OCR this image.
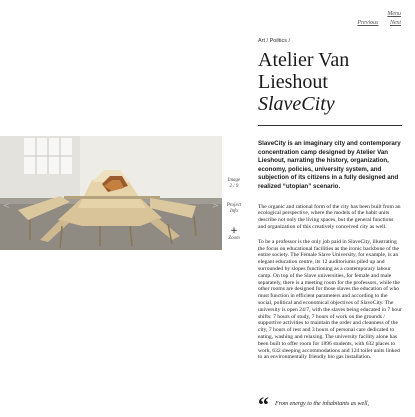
Menu
Previous Next
<	>
Image
2 / 9
Project Info
+
Zoom
Art / Politics /
Atelier Van Lieshout
SlaveCity
SlaveCity is an imaginary city and contemporary concentration camp designed by Atelier Van Lieshout, narrating the history, organization, economy, policies, university system, and subjection of its citizens in a fully designed and realized “utopian” scenario.
The organic and rational form of the city has been built from an ecological perspective, where the models of the habit units describe not only the living spaces, but the general functions and organization of this creatively conceived city as well.
To be a professor is the only job paid in SlaveCity, illustrating the focus on educational facilities as the ironic backbone of the entire society. The Female Slave University, for example, is an elegant education centre, its 12 auditoriums piled up and surrounded by slopes functioning as a contemporary labour camp. On top of the Slave universities, for female and male separately, there is a meeting room for the professors, while the other rooms are designed for those slaves the education of who must function in efficient parameters and according to the social, political and economical objectives of SlaveCity. The university is open 24/7, with the slaves being educated in 7 hour shifts: 7 hours of study, 7 hours of work on the grounds / supportive activities to maintain the order and cleanness of the city, 7 hours of rest and 3 hours of personal care dedicated to eating, washing and relaxing. The university facility alone has been built to offer room for 1896 students, with 632 places to work, 632 sleeping accommodations and 124 toilet units linked to an environmentally friendly bio gas installation.
“ From energy to the inhabitants as well,
